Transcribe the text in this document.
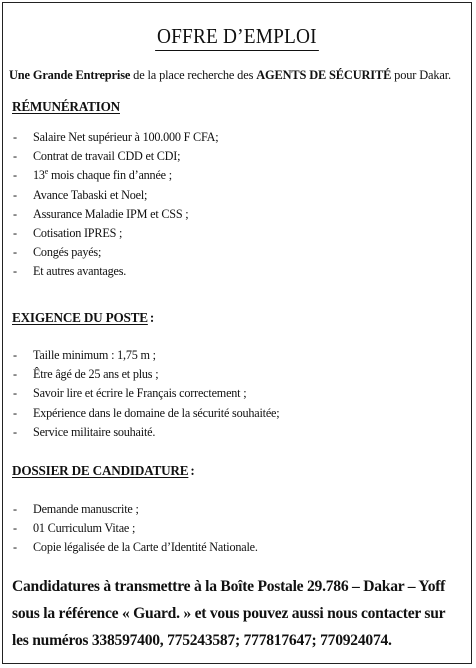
OFFRE D’EMPLOI
Une Grande Entreprise de la place recherche des AGENTS DE SÉCURITÉ pour Dakar.
RÉMUNÉRATION
-	Salaire Net supérieur à 100.000 F CFA;
-	Contrat de travail CDD et CDI;
-	13e mois chaque fin d’année ;
-	Avance Tabaski et Noel;
-	Assurance Maladie IPM et CSS ;
-	Cotisation IPRES ;
-	Congés payés;
-	Et autres avantages.
EXIGENCE DU POSTE :
-	Taille minimum : 1,75 m ;
-	Être âgé de 25 ans et plus ;
-	Savoir lire et écrire le Français correctement ;
-	Expérience dans le domaine de la sécurité souhaitée;
-	Service militaire souhaité.
DOSSIER DE CANDIDATURE :
-	Demande manuscrite ;
-	01 Curriculum Vitae ;
-	Copie légalisée de la Carte d’Identité Nationale.
Candidatures à transmettre à la Boîte Postale 29.786 – Dakar – Yoff
sous la référence « Guard. » et vous pouvez aussi nous contacter sur
les numéros 338597400, 775243587; 777817647; 770924074.
